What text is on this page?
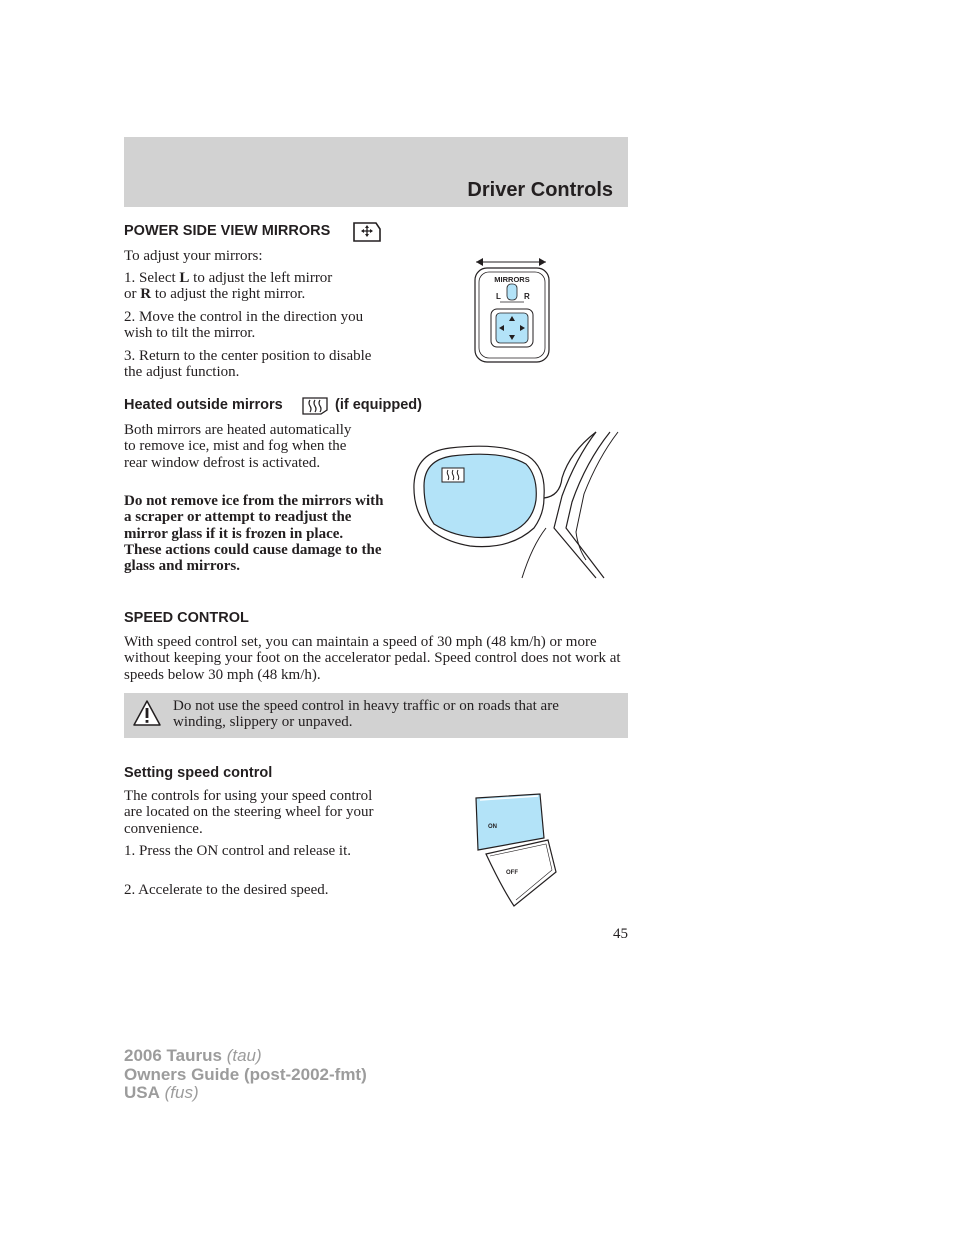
Driver Controls
POWER SIDE VIEW MIRRORS

To adjust your mirrors:

1. Select L to adjust the left mirror
or R to adjust the right mirror.

2. Move the control in the direction you wish to tilt the mirror.

3. Return to the center position to disable the adjust function.

MIRRORS
L	R
Heated outside mirrors	(if equipped)

Both mirrors are heated automatically to remove ice, mist and fog when the rear window defrost is activated.

Do not remove ice from the mirrors with a scraper or attempt to readjust the mirror glass if it is frozen in place. These actions could cause damage to the glass and mirrors.

SPEED CONTROL

With speed control set, you can maintain a speed of 30 mph (48 km/h) or more without keeping your foot on the accelerator pedal. Speed control does not work at speeds below 30 mph (48 km/h).

Do not use the speed control in heavy traffic or on roads that are winding, slippery or unpaved.

Setting speed control

The controls for using your speed control are located on the steering wheel for your convenience.

1. Press the ON control and release it.

2. Accelerate to the desired speed.

ON
OFF
45
2006 Taurus (tau)
Owners Guide (post-2002-fmt)
USA (fus)
